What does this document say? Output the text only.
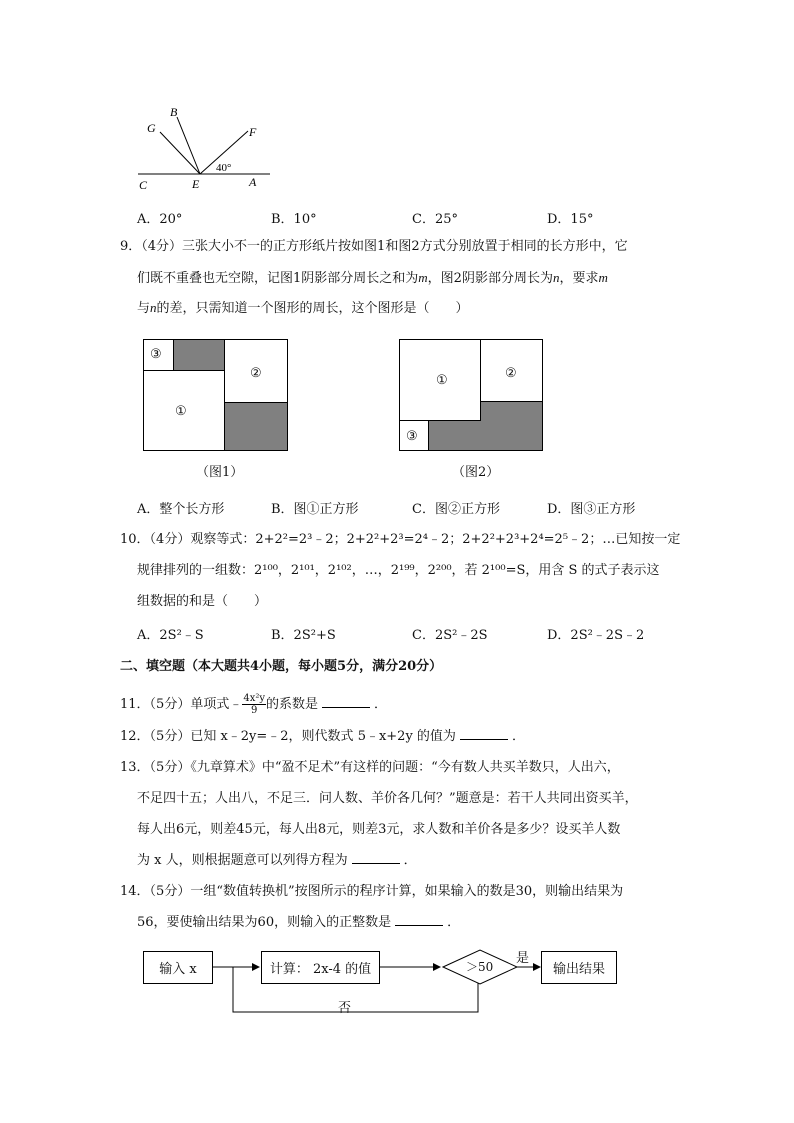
B
G	F
C	E	A
40°
A．20°	B．10°	C．25°	D．15°
9．（4分）三张大小不一的正方形纸片按如图1和图2方式分别放置于相同的长方形中，它
们既不重叠也无空隙，记图1阴影部分周长之和为m，图2阴影部分周长为n，要求m
与n的差，只需知道一个图形的周长，这个图形是（　　）
③
①
②
（图1）
①	②
③
（图2）
A．整个长方形	B．图①正方形	C．图②正方形	D．图③正方形
10．（4分）观察等式：2+2²=2³﹣2；2+2²+2³=2⁴﹣2；2+2²+2³+2⁴=2⁵﹣2；…已知按一定
规律排列的一组数：2¹⁰⁰，2¹⁰¹，2¹⁰²，…，2¹⁹⁹，2²⁰⁰，若 2¹⁰⁰=S，用含 S 的式子表示这
组数据的和是（　　）
A．2S²﹣S	B．2S²+S	C．2S²﹣2S	D．2S²﹣2S﹣2
二、填空题（本大题共4小题，每小题5分，满分20分）
11．（5分）单项式﹣ $\frac{\text{4x²y}}{9}$ 的系数是	．
12．（5分）已知 x﹣2y=﹣2，则代数式 5﹣x+2y 的值为	．
13．（5分）《九章算术》中“盈不足术”有这样的问题：“今有数人共买羊数只，人出六，
不足四十五；人出八，不足三．问人数、羊价各几何？”题意是：若干人共同出资买羊，
每人出6元，则差45元，每人出8元，则差3元，求人数和羊价各是多少？设买羊人数
为 x 人，则根据题意可以列得方程为	．
14．（5分）一组“数值转换机”按图所示的程序计算，如果输入的数是30，则输出结果为
56，要使输出结果为60，则输入的正整数是	．
输入 x	计算： 2x-4 的值	＞50
是
否
输出结果
